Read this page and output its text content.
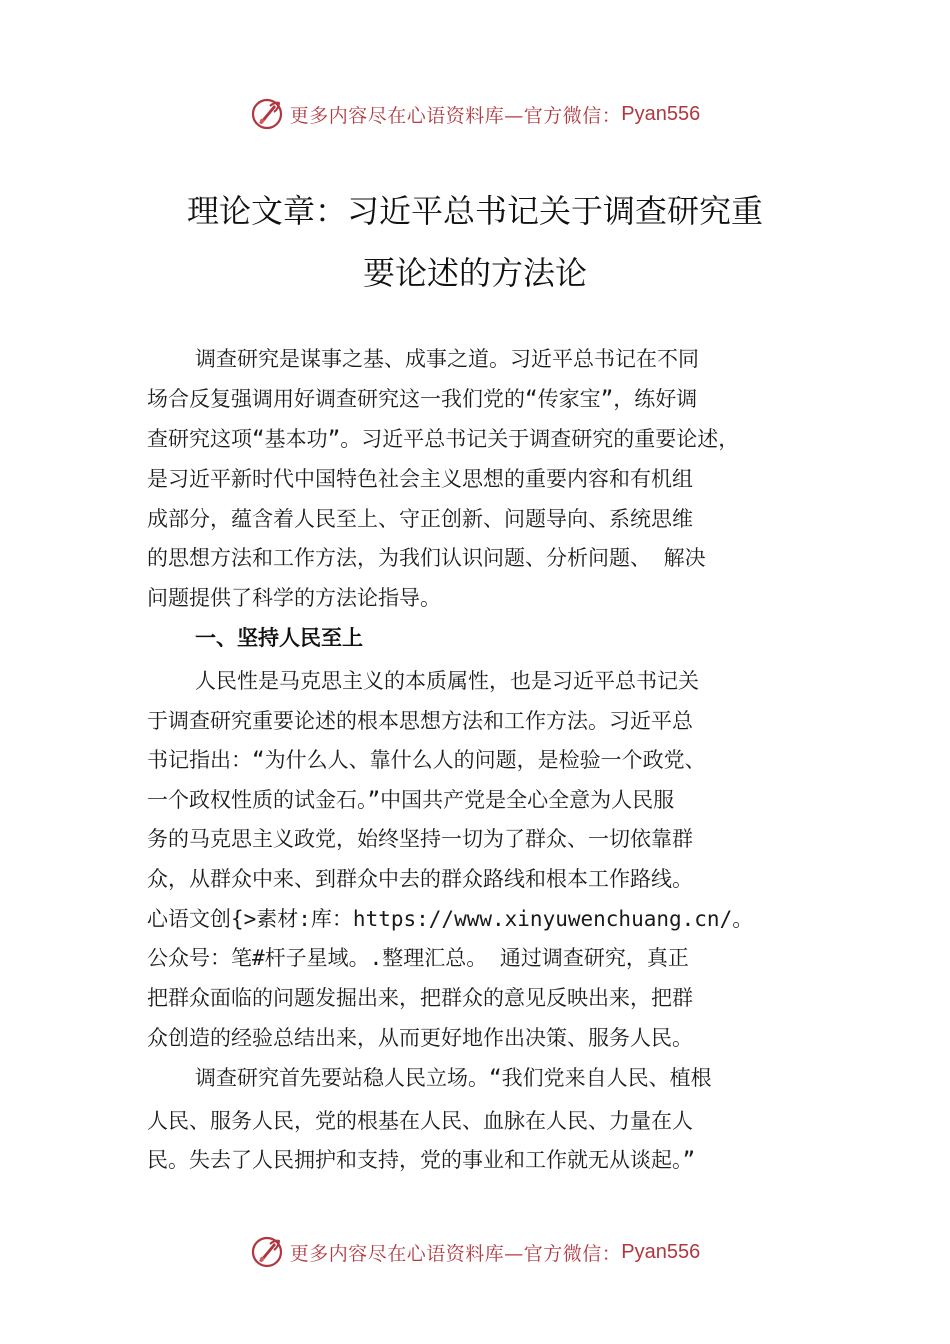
更多内容尽在心语资料库—官方微信： Pyan556
理论文章：习近平总书记关于调查研究重
要论述的方法论

调查研究是谋事之基、成事之道。习近平总书记在不同

场合反复强调用好调查研究这一我们党的“传家宝”，练好调

查研究这项“基本功”。习近平总书记关于调查研究的重要论述，

是习近平新时代中国特色社会主义思想的重要内容和有机组

成部分，蕴含着人民至上、守正创新、问题导向、系统思维

的思想方法和工作方法，为我们认识问题、分析问题、 解决

问题提供了科学的方法论指导。

一、坚持人民至上

人民性是马克思主义的本质属性，也是习近平总书记关

于调查研究重要论述的根本思想方法和工作方法。习近平总

书记指出：“为什么人、靠什么人的问题，是检验一个政党、

一个政权性质的试金石。”中国共产党是全心全意为人民服

务的马克思主义政党，始终坚持一切为了群众、一切依靠群

众，从群众中来、到群众中去的群众路线和根本工作路线。

心语文创{>素材:库：https://www.xinyuwenchuang.cn/。

公众号：笔#杆子星域。.整理汇总。 通过调查研究，真正

把群众面临的问题发掘出来，把群众的意见反映出来，把群

众创造的经验总结出来，从而更好地作出决策、服务人民。

调查研究首先要站稳人民立场。“我们党来自人民、植根

人民、服务人民，党的根基在人民、血脉在人民、力量在人

民。失去了人民拥护和支持，党的事业和工作就无从谈起。”

更多内容尽在心语资料库—官方微信： Pyan556
